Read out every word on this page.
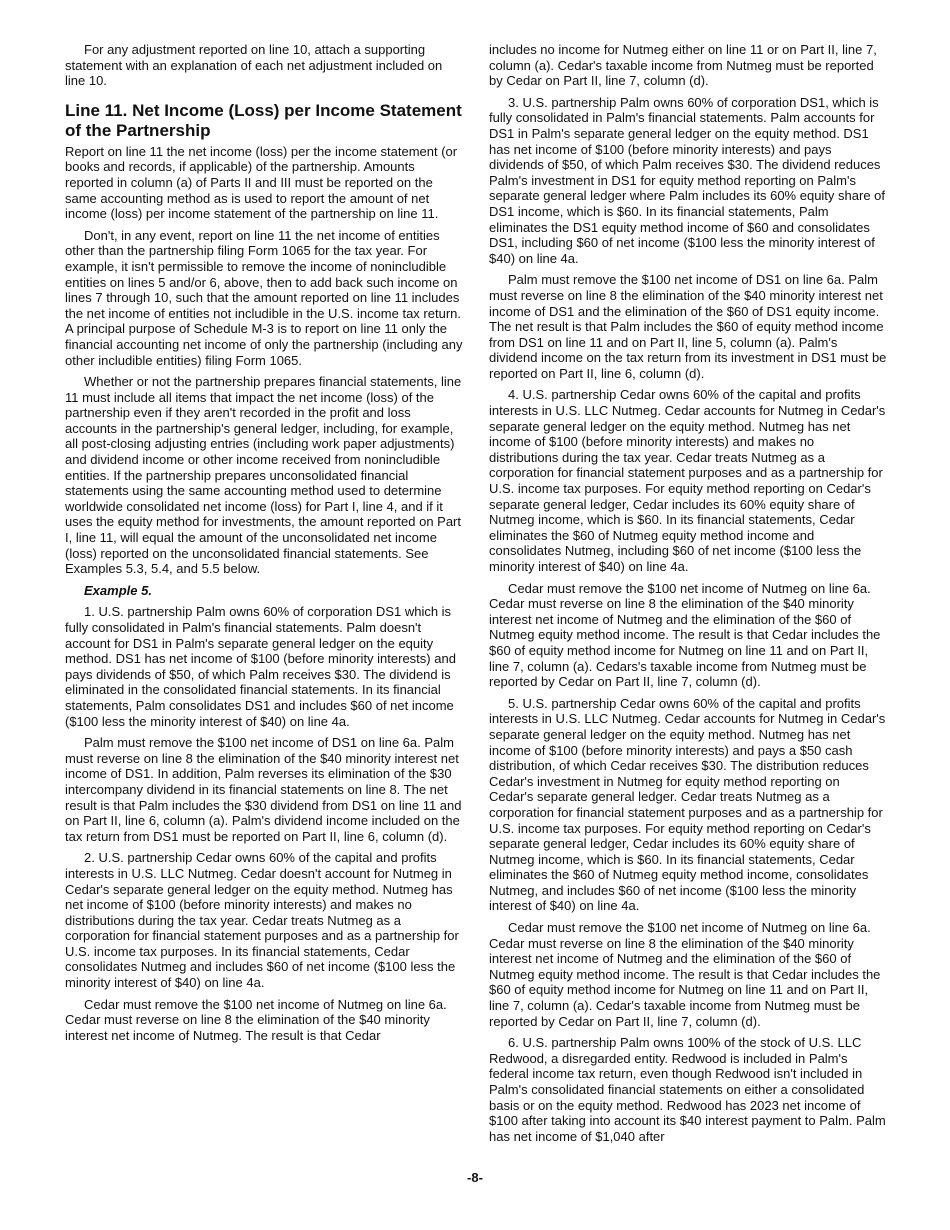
For any adjustment reported on line 10, attach a supporting statement with an explanation of each net adjustment included on line 10.

Line 11. Net Income (Loss) per Income Statement of the Partnership

Report on line 11 the net income (loss) per the income statement (or books and records, if applicable) of the partnership. Amounts reported in column (a) of Parts II and III must be reported on the same accounting method as is used to report the amount of net income (loss) per income statement of the partnership on line 11.

Don't, in any event, report on line 11 the net income of entities other than the partnership filing Form 1065 for the tax year. For example, it isn't permissible to remove the income of nonincludible entities on lines 5 and/or 6, above, then to add back such income on lines 7 through 10, such that the amount reported on line 11 includes the net income of entities not includible in the U.S. income tax return. A principal purpose of Schedule M-3 is to report on line 11 only the financial accounting net income of only the partnership (including any other includible entities) filing Form 1065.

Whether or not the partnership prepares financial statements, line 11 must include all items that impact the net income (loss) of the partnership even if they aren't recorded in the profit and loss accounts in the partnership's general ledger, including, for example, all post-closing adjusting entries (including work paper adjustments) and dividend income or other income received from nonincludible entities. If the partnership prepares unconsolidated financial statements using the same accounting method used to determine worldwide consolidated net income (loss) for Part I, line 4, and if it uses the equity method for investments, the amount reported on Part I, line 11, will equal the amount of the unconsolidated net income (loss) reported on the unconsolidated financial statements. See Examples 5.3, 5.4, and 5.5 below.

Example 5.

1. U.S. partnership Palm owns 60% of corporation DS1 which is fully consolidated in Palm's financial statements. Palm doesn't account for DS1 in Palm's separate general ledger on the equity method. DS1 has net income of $100 (before minority interests) and pays dividends of $50, of which Palm receives $30. The dividend is eliminated in the consolidated financial statements. In its financial statements, Palm consolidates DS1 and includes $60 of net income ($100 less the minority interest of $40) on line 4a.

Palm must remove the $100 net income of DS1 on line 6a. Palm must reverse on line 8 the elimination of the $40 minority interest net income of DS1. In addition, Palm reverses its elimination of the $30 intercompany dividend in its financial statements on line 8. The net result is that Palm includes the $30 dividend from DS1 on line 11 and on Part II, line 6, column (a). Palm's dividend income included on the tax return from DS1 must be reported on Part II, line 6, column (d).

2. U.S. partnership Cedar owns 60% of the capital and profits interests in U.S. LLC Nutmeg. Cedar doesn't account for Nutmeg in Cedar's separate general ledger on the equity method. Nutmeg has net income of $100 (before minority interests) and makes no distributions during the tax year. Cedar treats Nutmeg as a corporation for financial statement purposes and as a partnership for U.S. income tax purposes. In its financial statements, Cedar consolidates Nutmeg and includes $60 of net income ($100 less the minority interest of $40) on line 4a.

Cedar must remove the $100 net income of Nutmeg on line 6a. Cedar must reverse on line 8 the elimination of the $40 minority interest net income of Nutmeg. The result is that Cedar

includes no income for Nutmeg either on line 11 or on Part II, line 7, column (a). Cedar's taxable income from Nutmeg must be reported by Cedar on Part II, line 7, column (d).

3. U.S. partnership Palm owns 60% of corporation DS1, which is fully consolidated in Palm's financial statements. Palm accounts for DS1 in Palm's separate general ledger on the equity method. DS1 has net income of $100 (before minority interests) and pays dividends of $50, of which Palm receives $30. The dividend reduces Palm's investment in DS1 for equity method reporting on Palm's separate general ledger where Palm includes its 60% equity share of DS1 income, which is $60. In its financial statements, Palm eliminates the DS1 equity method income of $60 and consolidates DS1, including $60 of net income ($100 less the minority interest of $40) on line 4a.

Palm must remove the $100 net income of DS1 on line 6a. Palm must reverse on line 8 the elimination of the $40 minority interest net income of DS1 and the elimination of the $60 of DS1 equity income. The net result is that Palm includes the $60 of equity method income from DS1 on line 11 and on Part II, line 5, column (a). Palm's dividend income on the tax return from its investment in DS1 must be reported on Part II, line 6, column (d).

4. U.S. partnership Cedar owns 60% of the capital and profits interests in U.S. LLC Nutmeg. Cedar accounts for Nutmeg in Cedar's separate general ledger on the equity method. Nutmeg has net income of $100 (before minority interests) and makes no distributions during the tax year. Cedar treats Nutmeg as a corporation for financial statement purposes and as a partnership for U.S. income tax purposes. For equity method reporting on Cedar's separate general ledger, Cedar includes its 60% equity share of Nutmeg income, which is $60. In its financial statements, Cedar eliminates the $60 of Nutmeg equity method income and consolidates Nutmeg, including $60 of net income ($100 less the minority interest of $40) on line 4a.

Cedar must remove the $100 net income of Nutmeg on line 6a. Cedar must reverse on line 8 the elimination of the $40 minority interest net income of Nutmeg and the elimination of the $60 of Nutmeg equity method income. The result is that Cedar includes the $60 of equity method income for Nutmeg on line 11 and on Part II, line 7, column (a). Cedars's taxable income from Nutmeg must be reported by Cedar on Part II, line 7, column (d).

5. U.S. partnership Cedar owns 60% of the capital and profits interests in U.S. LLC Nutmeg. Cedar accounts for Nutmeg in Cedar's separate general ledger on the equity method. Nutmeg has net income of $100 (before minority interests) and pays a $50 cash distribution, of which Cedar receives $30. The distribution reduces Cedar's investment in Nutmeg for equity method reporting on Cedar's separate general ledger. Cedar treats Nutmeg as a corporation for financial statement purposes and as a partnership for U.S. income tax purposes. For equity method reporting on Cedar's separate general ledger, Cedar includes its 60% equity share of Nutmeg income, which is $60. In its financial statements, Cedar eliminates the $60 of Nutmeg equity method income, consolidates Nutmeg, and includes $60 of net income ($100 less the minority interest of $40) on line 4a.

Cedar must remove the $100 net income of Nutmeg on line 6a. Cedar must reverse on line 8 the elimination of the $40 minority interest net income of Nutmeg and the elimination of the $60 of Nutmeg equity method income. The result is that Cedar includes the $60 of equity method income for Nutmeg on line 11 and on Part II, line 7, column (a). Cedar's taxable income from Nutmeg must be reported by Cedar on Part II, line 7, column (d).

6. U.S. partnership Palm owns 100% of the stock of U.S. LLC Redwood, a disregarded entity. Redwood is included in Palm's federal income tax return, even though Redwood isn't included in Palm's consolidated financial statements on either a consolidated basis or on the equity method. Redwood has 2023 net income of $100 after taking into account its $40 interest payment to Palm. Palm has net income of $1,040 after

-8-
